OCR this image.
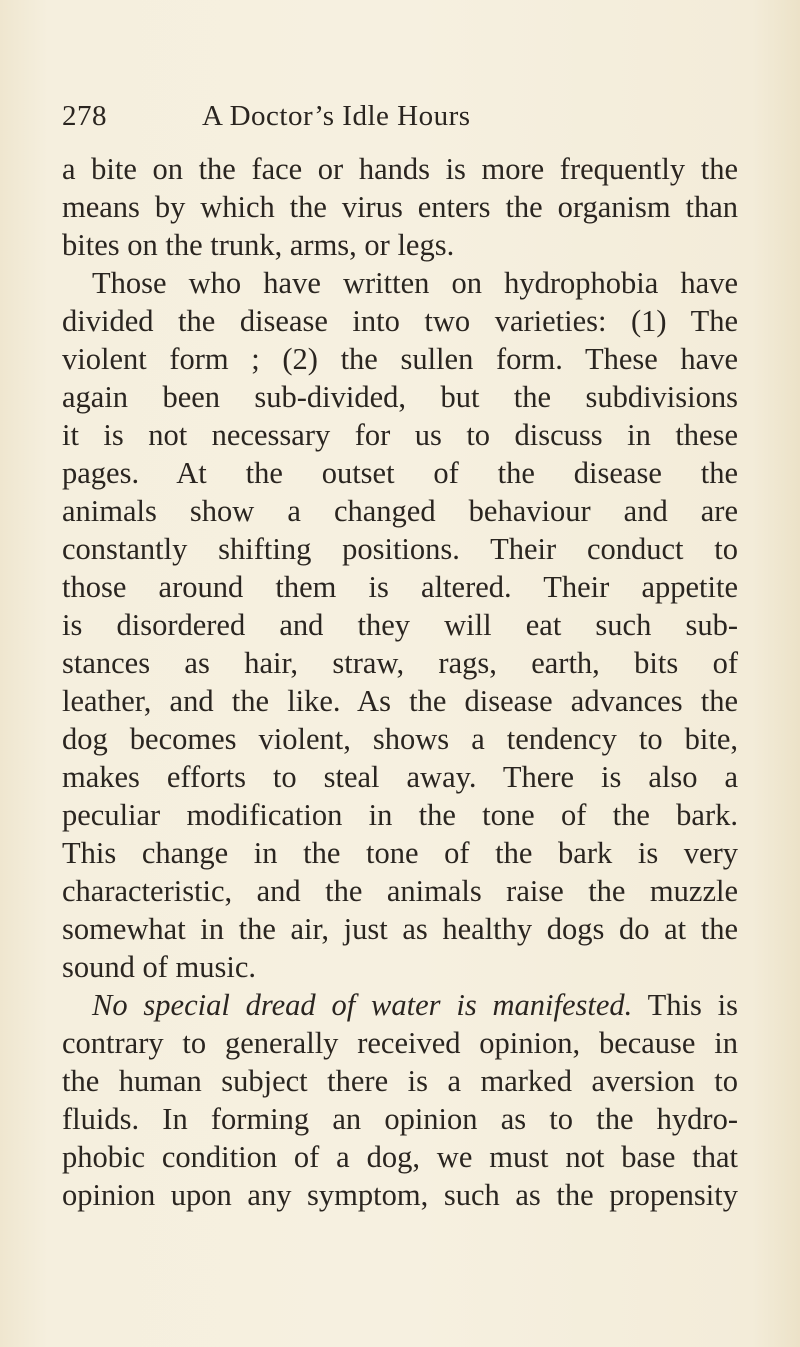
278	A Doctor’s Idle Hours
a bite on the face or hands is more frequently the
means by which the virus enters the organism than
bites on the trunk, arms, or legs.
Those who have written on hydrophobia have
divided the disease into two varieties: (1) The
violent form ; (2) the sullen form. These have
again been sub-divided, but the subdivisions
it is not necessary for us to discuss in these
pages. At the outset of the disease the
animals show a changed behaviour and are
constantly shifting positions. Their conduct to
those around them is altered. Their appetite
is disordered and they will eat such sub-
stances as hair, straw, rags, earth, bits of
leather, and the like. As the disease advances the
dog becomes violent, shows a tendency to bite,
makes efforts to steal away. There is also a
peculiar modification in the tone of the bark.
This change in the tone of the bark is very
characteristic, and the animals raise the muzzle
somewhat in the air, just as healthy dogs do at the
sound of music.
No special dread of water is manifested. This is
contrary to generally received opinion, because in
the human subject there is a marked aversion to
fluids. In forming an opinion as to the hydro-
phobic condition of a dog, we must not base that
opinion upon any symptom, such as the propensity
